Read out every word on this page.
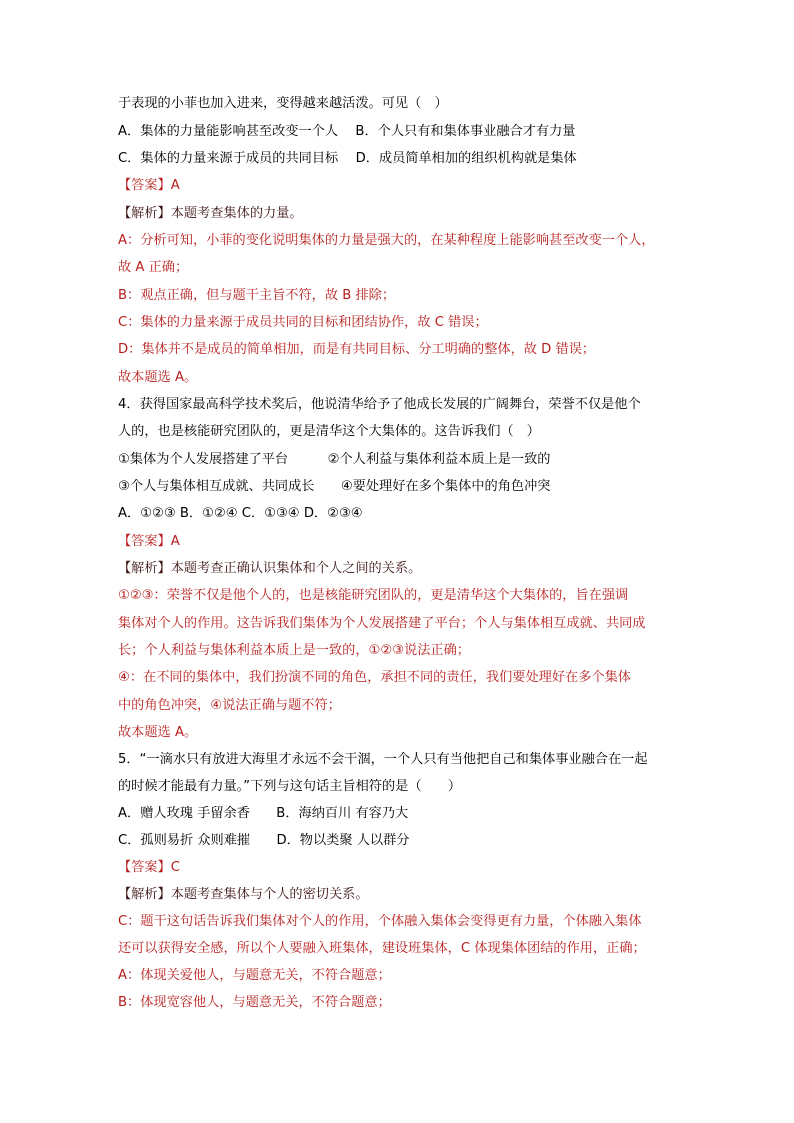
于表现的小菲也加入进来，变得越来越活泼。可见（　）
A．集体的力量能影响甚至改变一个人　 B．个人只有和集体事业融合才有力量
C．集体的力量来源于成员的共同目标　 D．成员简单相加的组织机构就是集体
【答案】A
【解析】本题考查集体的力量。
A：分析可知，小菲的变化说明集体的力量是强大的，在某种程度上能影响甚至改变一个人，
故 A 正确；
B：观点正确，但与题干主旨不符，故 B 排除；
C：集体的力量来源于成员共同的目标和团结协作，故 C 错误；
D：集体并不是成员的简单相加，而是有共同目标、分工明确的整体，故 D 错误；
故本题选 A。
4．获得国家最高科学技术奖后，他说清华给予了他成长发展的广阔舞台，荣誉不仅是他个
人的，也是核能研究团队的，更是清华这个大集体的。这告诉我们（　）
①集体为个人发展搭建了平台　　　②个人利益与集体利益本质上是一致的
③个人与集体相互成就、共同成长　　④要处理好在多个集体中的角色冲突
A．①②③ B．①②④ C．①③④ D．②③④
【答案】A
【解析】本题考查正确认识集体和个人之间的关系。
①②③：荣誉不仅是他个人的，也是核能研究团队的，更是清华这个大集体的，旨在强调
集体对个人的作用。这告诉我们集体为个人发展搭建了平台；个人与集体相互成就、共同成
长；个人利益与集体利益本质上是一致的，①②③说法正确；
④：在不同的集体中，我们扮演不同的角色，承担不同的责任，我们要处理好在多个集体
中的角色冲突，④说法正确与题不符；
故本题选 A。
5．“一滴水只有放进大海里才永远不会干涸，一个人只有当他把自己和集体事业融合在一起
的时候才能最有力量。”下列与这句话主旨相符的是（　　）
A．赠人玫瑰 手留余香　　B．海纳百川 有容乃大
C．孤则易折 众则难摧　　D．物以类聚 人以群分
【答案】C
【解析】本题考查集体与个人的密切关系。
C：题干这句话告诉我们集体对个人的作用，个体融入集体会变得更有力量，个体融入集体
还可以获得安全感，所以个人要融入班集体，建设班集体，C 体现集体团结的作用，正确；
A：体现关爱他人，与题意无关，不符合题意；
B：体现宽容他人，与题意无关，不符合题意；
